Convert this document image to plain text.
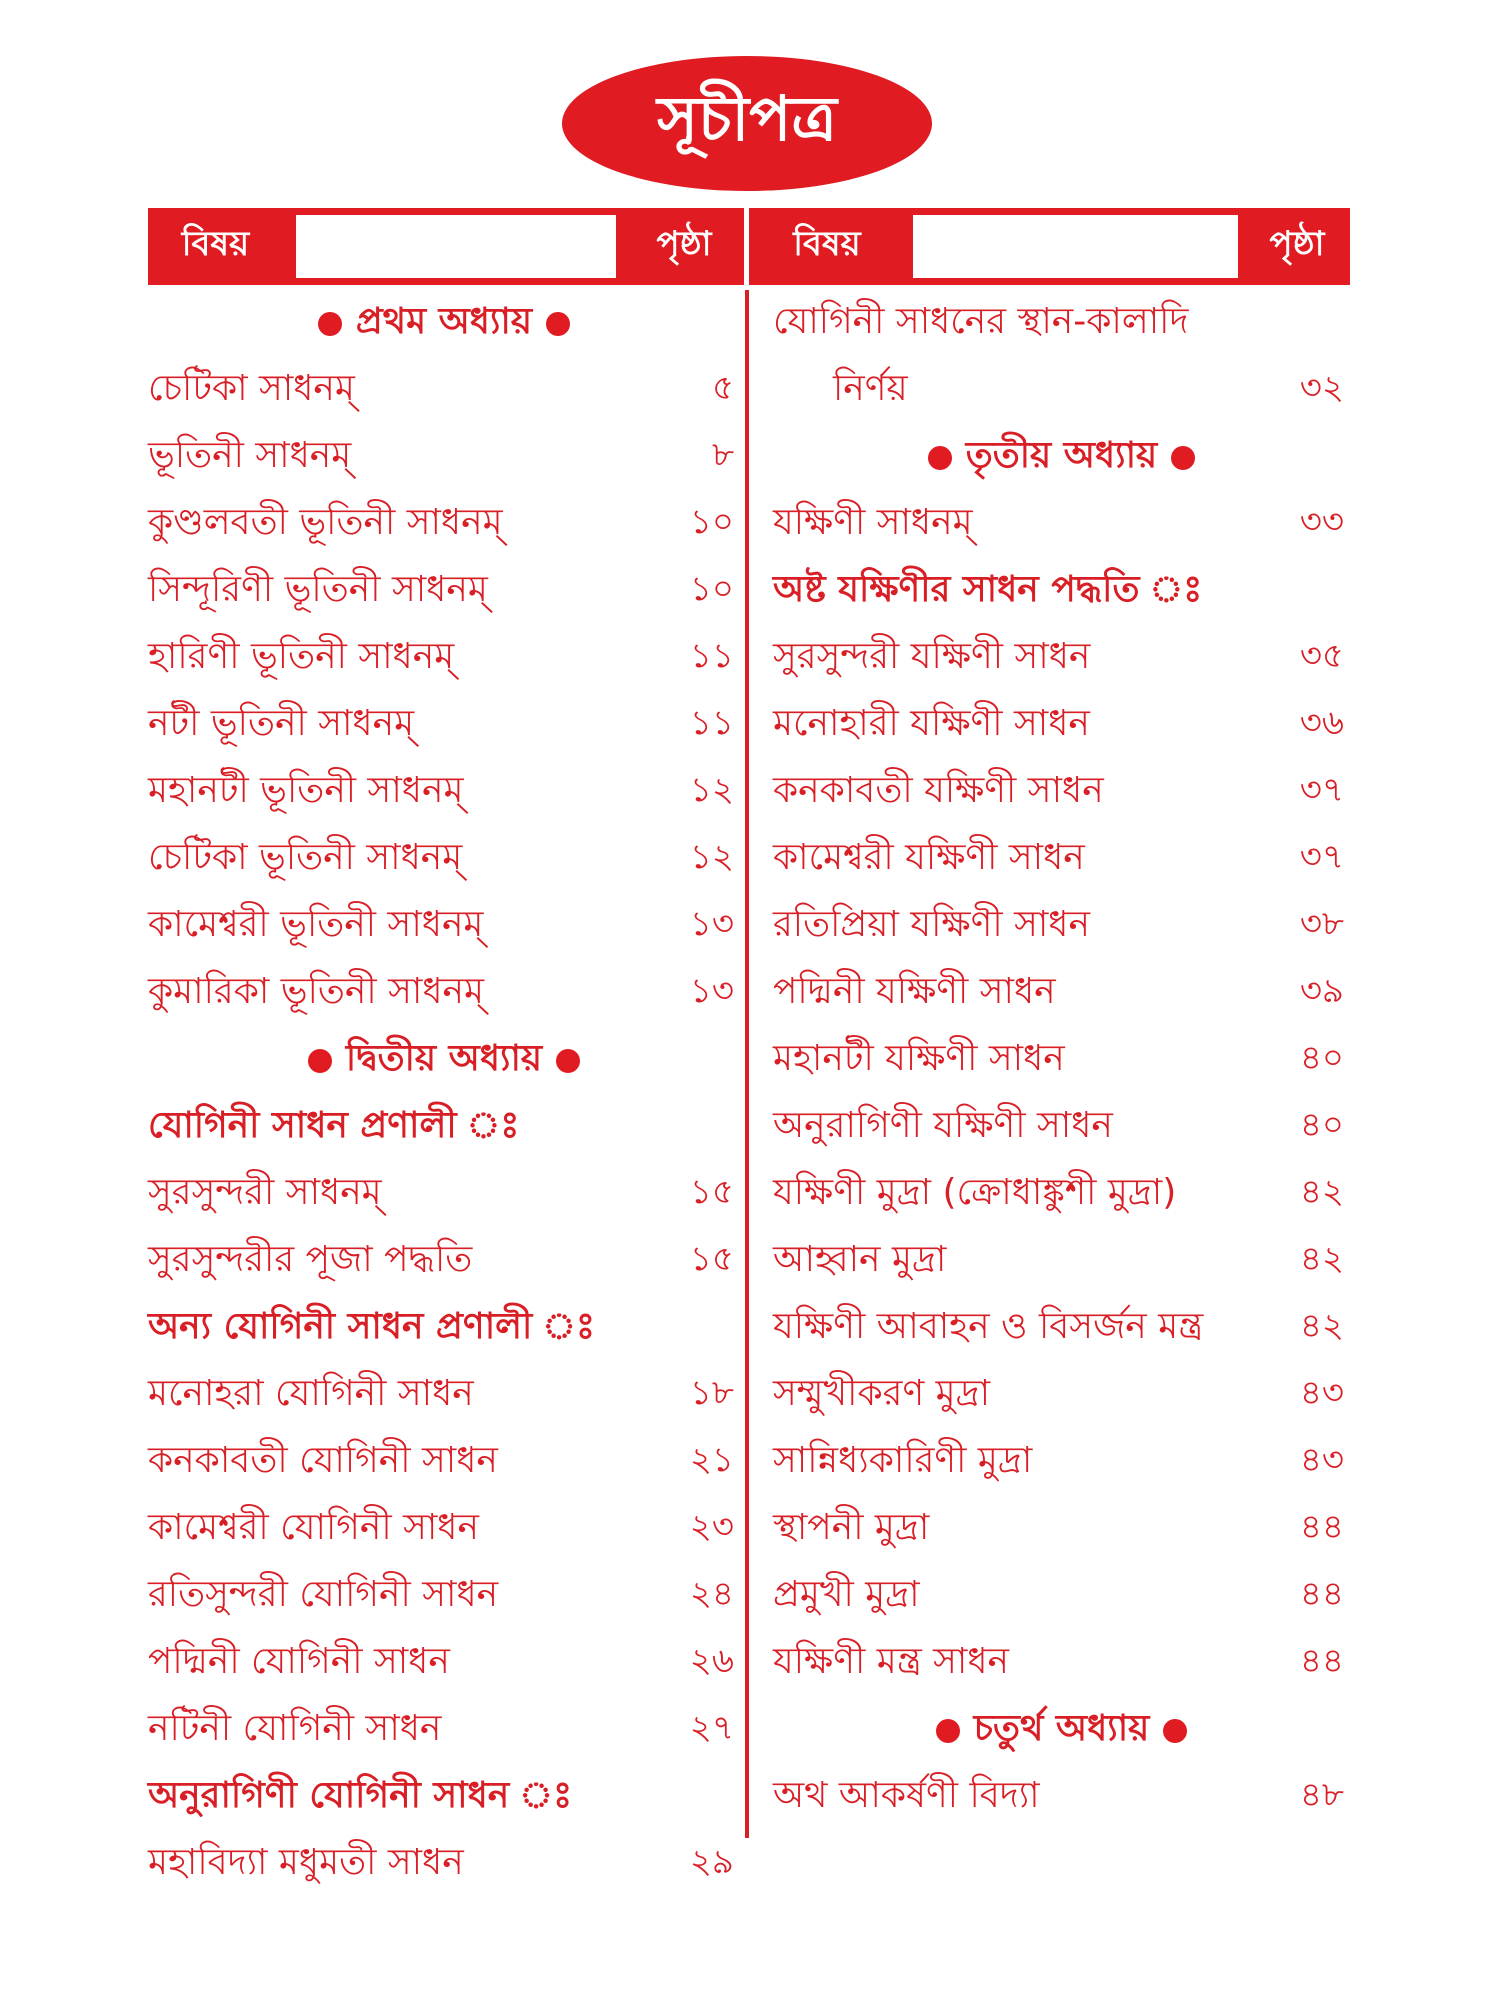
সূচীপত্র
বিষয়	পৃষ্ঠা	বিষয়	পৃষ্ঠা
প্রথম অধ্যায়
চেটিকা সাধনম্	৫
ভূতিনী সাধনম্	৮
কুণ্ডলবতী ভূতিনী সাধনম্	১০
সিন্দূরিণী ভূতিনী সাধনম্	১০
হারিণী ভূতিনী সাধনম্	১১
নটী ভূতিনী সাধনম্	১১
মহানটী ভূতিনী সাধনম্	১২
চেটিকা ভূতিনী সাধনম্	১২
কামেশ্বরী ভূতিনী সাধনম্	১৩
কুমারিকা ভূতিনী সাধনম্	১৩
দ্বিতীয় অধ্যায়
যোগিনী সাধন প্রণালী ঃ
সুরসুন্দরী সাধনম্	১৫
সুরসুন্দরীর পূজা পদ্ধতি	১৫
অন্য যোগিনী সাধন প্রণালী ঃ
মনোহরা যোগিনী সাধন	১৮
কনকাবতী যোগিনী সাধন	২১
কামেশ্বরী যোগিনী সাধন	২৩
রতিসুন্দরী যোগিনী সাধন	২৪
পদ্মিনী যোগিনী সাধন	২৬
নটিনী যোগিনী সাধন	২৭
অনুরাগিণী যোগিনী সাধন ঃ
মহাবিদ্যা মধুমতী সাধন	২৯
যোগিনী সাধনের স্থান-কালাদি
নির্ণয়	৩২
তৃতীয় অধ্যায়
যক্ষিণী সাধনম্	৩৩
অষ্ট যক্ষিণীর সাধন পদ্ধতি ঃ
সুরসুন্দরী যক্ষিণী সাধন	৩৫
মনোহারী যক্ষিণী সাধন	৩৬
কনকাবতী যক্ষিণী সাধন	৩৭
কামেশ্বরী যক্ষিণী সাধন	৩৭
রতিপ্রিয়া যক্ষিণী সাধন	৩৮
পদ্মিনী যক্ষিণী সাধন	৩৯
মহানটী যক্ষিণী সাধন	৪০
অনুরাগিণী যক্ষিণী সাধন	৪০
যক্ষিণী মুদ্রা (ক্রোধাঙ্কুশী মুদ্রা)	৪২
আহ্বান মুদ্রা	৪২
যক্ষিণী আবাহন ও বিসর্জন মন্ত্র	৪২
সম্মুখীকরণ মুদ্রা	৪৩
সান্নিধ্যকারিণী মুদ্রা	৪৩
স্থাপনী মুদ্রা	৪৪
প্রমুখী মুদ্রা	৪৪
যক্ষিণী মন্ত্র সাধন	৪৪
চতুর্থ অধ্যায়
অথ আকর্ষণী বিদ্যা	৪৮
